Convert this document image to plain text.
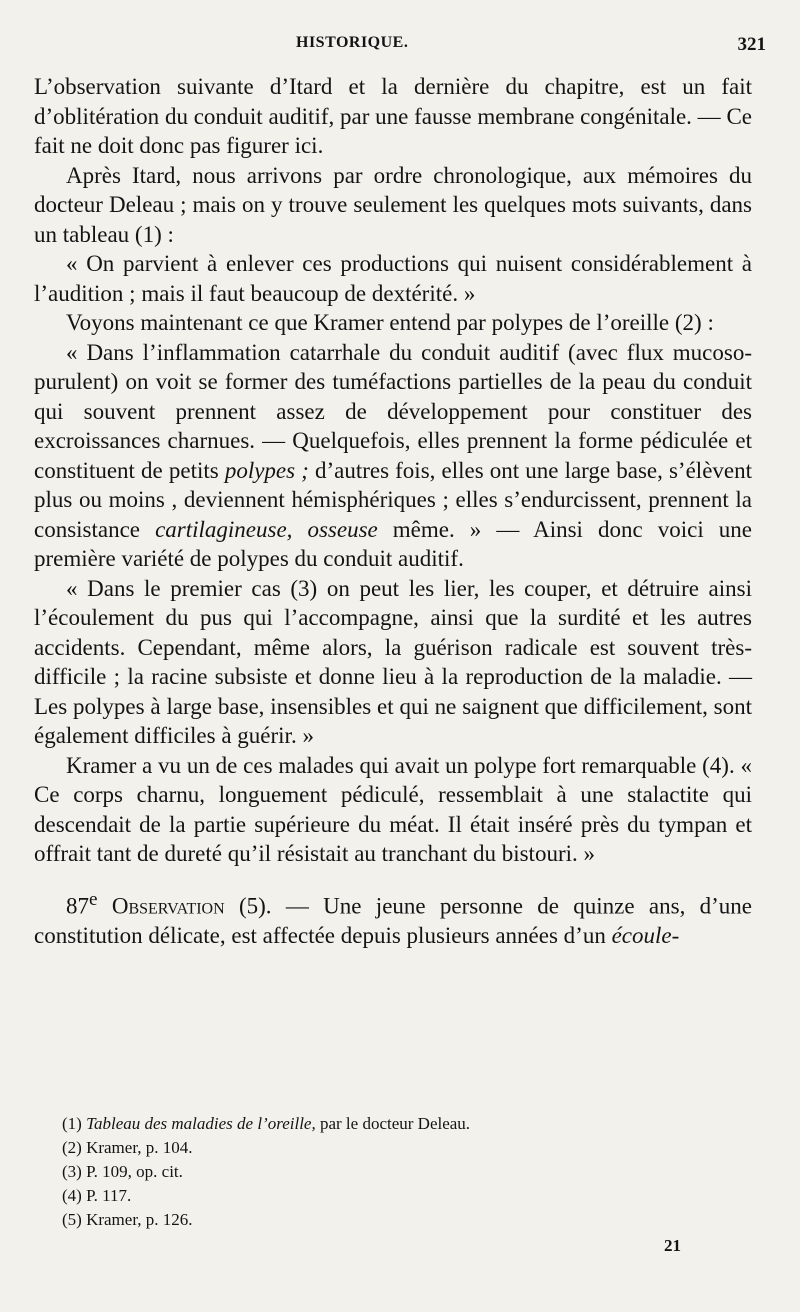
HISTORIQUE.	321

L’observation suivante d’Itard et la dernière du chapitre, est un fait d’oblitération du conduit auditif, par une fausse membrane congénitale. — Ce fait ne doit donc pas figurer ici.

Après Itard, nous arrivons par ordre chronologique, aux mémoires du docteur Deleau ; mais on y trouve seulement les quelques mots suivants, dans un tableau (1) :

« On parvient à enlever ces productions qui nuisent considérablement à l’audition ; mais il faut beaucoup de dextérité. »

Voyons maintenant ce que Kramer entend par polypes de l’oreille (2) :

« Dans l’inflammation catarrhale du conduit auditif (avec flux mucoso-purulent) on voit se former des tuméfactions partielles de la peau du conduit qui souvent prennent assez de développement pour constituer des excroissances charnues. — Quelquefois, elles prennent la forme pédiculée et constituent de petits polypes ; d’autres fois, elles ont une large base, s’élèvent plus ou moins , deviennent hémisphériques ; elles s’endurcissent, prennent la consistance cartilagineuse, osseuse même. » — Ainsi donc voici une première variété de polypes du conduit auditif.

« Dans le premier cas (3) on peut les lier, les couper, et détruire ainsi l’écoulement du pus qui l’accompagne, ainsi que la surdité et les autres accidents. Cependant, même alors, la guérison radicale est souvent très-difficile ; la racine subsiste et donne lieu à la reproduction de la maladie. — Les polypes à large base, insensibles et qui ne saignent que difficilement, sont également difficiles à guérir. »

Kramer a vu un de ces malades qui avait un polype fort remarquable (4). « Ce corps charnu, longuement pédiculé, ressemblait à une stalactite qui descendait de la partie supérieure du méat. Il était inséré près du tympan et offrait tant de dureté qu’il résistait au tranchant du bistouri. »

87e Observation (5). — Une jeune personne de quinze ans, d’une constitution délicate, est affectée depuis plusieurs années d’un écoule-

(1) Tableau des maladies de l’oreille, par le docteur Deleau.
(2) Kramer, p. 104.
(3) P. 109, op. cit.
(4) P. 117.
(5) Kramer, p. 126.
21
